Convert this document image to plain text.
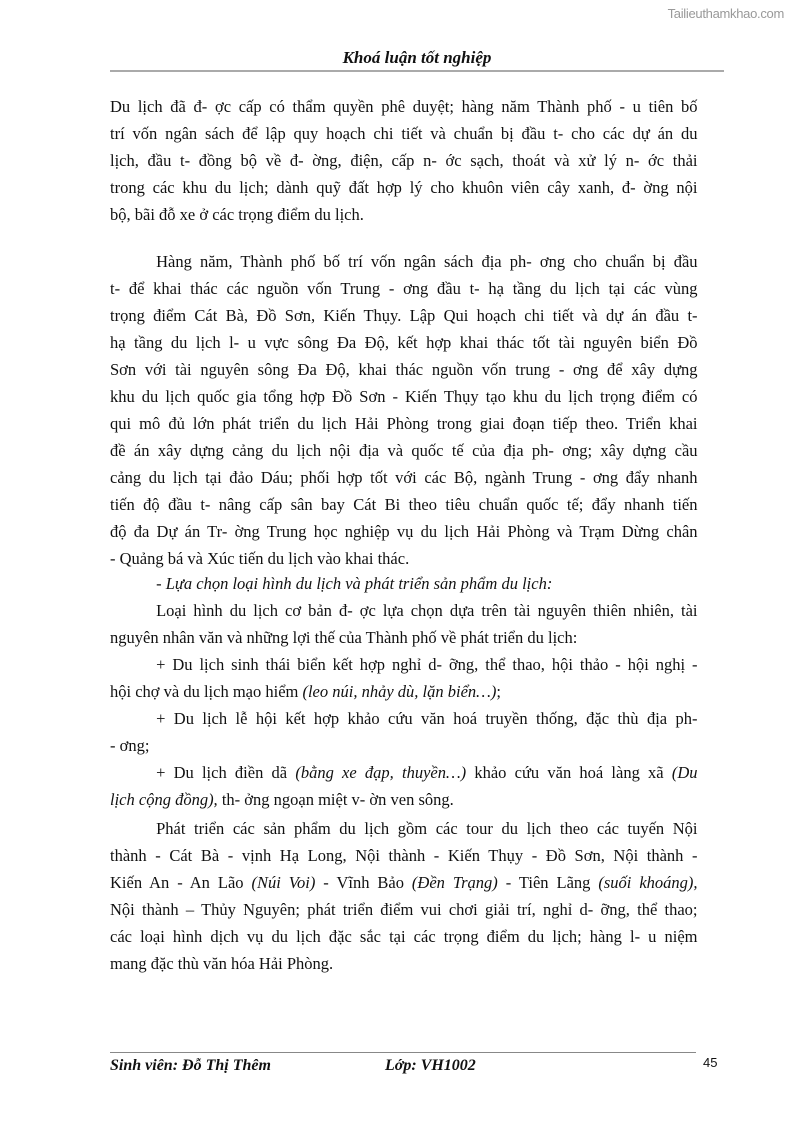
Tailieuthamkhao.com
Khoá luận tốt nghiệp
Du lịch đã đ- ợc cấp có thẩm quyền phê duyệt; hàng năm Thành phố - u tiên bố
trí vốn ngân sách để lập quy hoạch chi tiết và chuẩn bị đầu t- cho các dự án du
lịch, đầu t- đồng bộ về đ- ờng, điện, cấp n- ớc sạch, thoát và xử lý n- ớc thải
trong các khu du lịch; dành quỹ đất hợp lý cho khuôn viên cây xanh, đ- ờng nội
bộ, bãi đỗ xe ở các trọng điểm du lịch.
Hàng năm, Thành phố bố trí vốn ngân sách địa ph- ơng cho chuẩn bị đầu
t- để khai thác các nguồn vốn Trung - ơng đầu t- hạ tầng du lịch tại các vùng
trọng điểm Cát Bà, Đồ Sơn, Kiến Thụy. Lập Qui hoạch chi tiết và dự án đầu t-
hạ tầng du lịch l- u vực sông Đa Độ, kết hợp khai thác tốt tài nguyên biển Đồ
Sơn với tài nguyên sông Đa Độ, khai thác nguồn vốn trung - ơng để xây dựng
khu du lịch quốc gia tổng hợp Đồ Sơn - Kiến Thụy tạo khu du lịch trọng điểm có
qui mô đủ lớn phát triển du lịch Hải Phòng trong giai đoạn tiếp theo. Triển khai
đề án xây dựng cảng du lịch nội địa và quốc tế của địa ph- ơng; xây dựng cầu
cảng du lịch tại đảo Dáu; phối hợp tốt với các Bộ, ngành Trung - ơng đẩy nhanh
tiến độ đầu t- nâng cấp sân bay Cát Bi theo tiêu chuẩn quốc tế; đẩy nhanh tiến
độ đa Dự án Tr- ờng Trung học nghiệp vụ du lịch Hải Phòng và Trạm Dừng chân
- Quảng bá và Xúc tiến du lịch vào khai thác.
- Lựa chọn loại hình du lịch và phát triển sản phẩm du lịch:
Loại hình du lịch cơ bản đ- ợc lựa chọn dựa trên tài nguyên thiên nhiên, tài
nguyên nhân văn và những lợi thế của Thành phố về phát triển du lịch:
+ Du lịch sinh thái biển kết hợp nghỉ d- ỡng, thể thao, hội thảo - hội nghị -
hội chợ và du lịch mạo hiểm (leo núi, nhảy dù, lặn biển…);
+ Du lịch lễ hội kết hợp khảo cứu văn hoá truyền thống, đặc thù địa ph-
- ơng;
+ Du lịch điền dã (bằng xe đạp, thuyền…) khảo cứu văn hoá làng xã (Du
lịch cộng đồng), th- ởng ngoạn miệt v- ờn ven sông.
Phát triển các sản phẩm du lịch gồm các tour du lịch theo các tuyến Nội
thành - Cát Bà - vịnh Hạ Long, Nội thành - Kiến Thụy - Đồ Sơn, Nội thành -
Kiến An - An Lão (Núi Voi) - Vĩnh Bảo (Đền Trạng) - Tiên Lãng (suối khoáng),
Nội thành – Thủy Nguyên; phát triển điểm vui chơi giải trí, nghỉ d- ỡng, thể thao;
các loại hình dịch vụ du lịch đặc sắc tại các trọng điểm du lịch; hàng l- u niệm
mang đặc thù văn hóa Hải Phòng.
Sinh viên: Đỗ Thị Thêm	Lớp: VH1002	45
